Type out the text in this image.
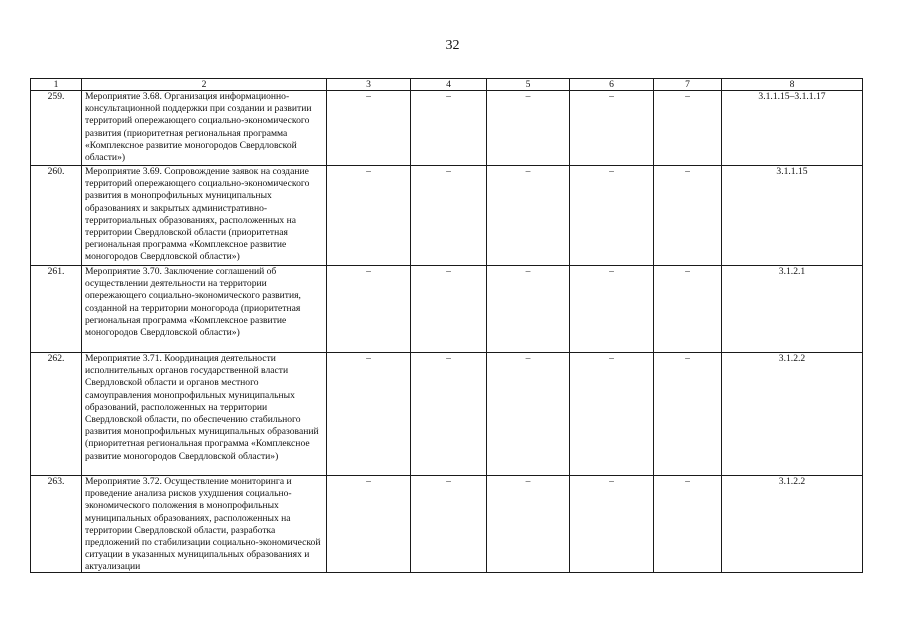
32
1	2	3	4	5	6	7	8
259.	Мероприятие 3.68. Организация информационно-консультационной поддержки при создании и развитии территорий опережающего социально-экономического развития (приоритетная региональная программа «Комплексное развитие моногородов Свердловской области»)	–	–	–	–	–	3.1.1.15–3.1.1.17
260.	Мероприятие 3.69. Сопровождение заявок на создание территорий опережающего социально-экономического развития в монопрофильных муниципальных образованиях и закрытых административно-территориальных образованиях, расположенных на территории Свердловской области (приоритетная региональная программа «Комплексное развитие моногородов Свердловской области»)	–	–	–	–	–	3.1.1.15
261.	Мероприятие 3.70. Заключение соглашений об осуществлении деятельности на территории опережающего социально-экономического развития, созданной на территории моногорода (приоритетная региональная программа «Комплексное развитие моногородов Свердловской области»)	–	–	–	–	–	3.1.2.1
262.	Мероприятие 3.71. Координация деятельности исполнительных органов государственной власти Свердловской области и органов местного самоуправления монопрофильных муниципальных образований, расположенных на территории Свердловской области, по обеспечению стабильного развития монопрофильных муниципальных образований (приоритетная региональная программа «Комплексное развитие моногородов Свердловской области»)	–	–	–	–	–	3.1.2.2
263.	Мероприятие 3.72. Осуществление мониторинга и проведение анализа рисков ухудшения социально-экономического положения в монопрофильных муниципальных образованиях, расположенных на территории Свердловской области, разработка предложений по стабилизации социально-экономической ситуации в указанных муниципальных образованиях и актуализации	–	–	–	–	–	3.1.2.2
